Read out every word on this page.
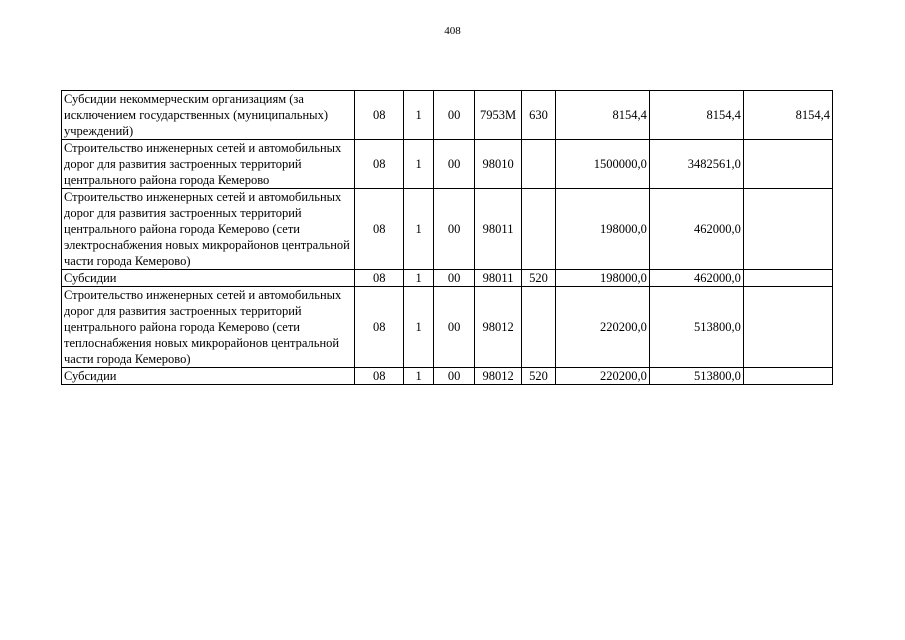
408
Субсидии некоммерческим организациям (за исключением государственных (муниципальных) учреждений)	08	1	00	7953М	630	8154,4	8154,4	8154,4
Строительство инженерных сетей и автомобильных дорог для развития застроенных территорий центрального района города Кемерово	08	1	00	98010		1500000,0	3482561,0	
Строительство инженерных сетей и автомобильных дорог для развития застроенных территорий центрального района города Кемерово (сети электроснабжения новых микрорайонов центральной части города Кемерово)	08	1	00	98011		198000,0	462000,0	
Субсидии	08	1	00	98011	520	198000,0	462000,0	
Строительство инженерных сетей и автомобильных дорог для развития застроенных территорий центрального района города Кемерово (сети теплоснабжения новых микрорайонов центральной части города Кемерово)	08	1	00	98012		220200,0	513800,0	
Субсидии	08	1	00	98012	520	220200,0	513800,0	
